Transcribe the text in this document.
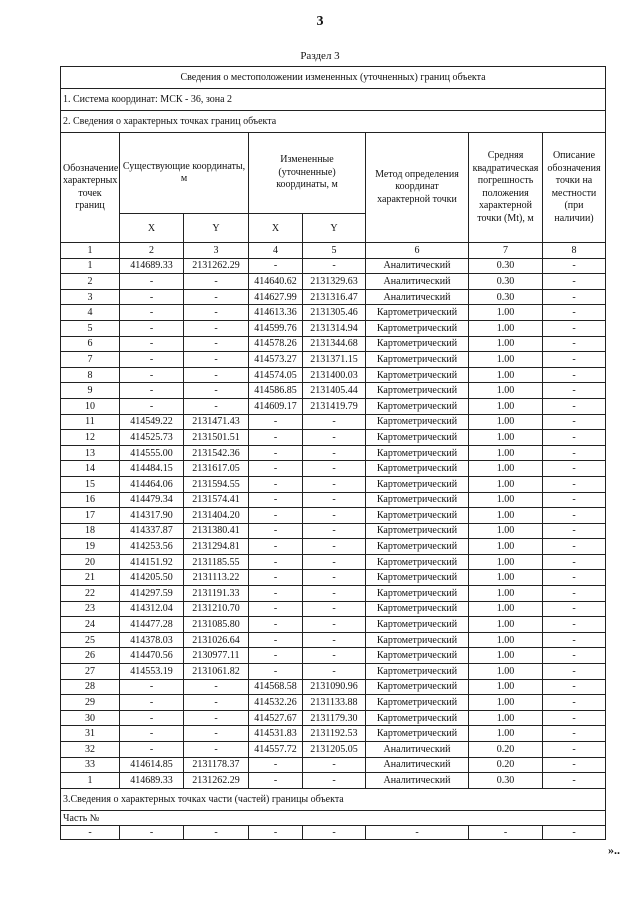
3
Раздел 3
Сведения о местоположении измененных (уточненных) границ объекта							
1. Система координат: МСК - 36, зона 2							
2. Сведения о характерных точках границ объекта							
Обозначение характерных точек границ	Существующие координаты, м		Измененные (уточненные) координаты, м		Метод определения координат характерной точки	Средняя квадратическая погрешность положения характерной точки (Mt), м	Описание обозначения точки на местности (при наличии)
	X	Y	X	Y			
1	2	3	4	5	6	7	8
1	414689.33	2131262.29	-	-	Аналитический	0.30	-
2	-	-	414640.62	2131329.63	Аналитический	0.30	-
3	-	-	414627.99	2131316.47	Аналитический	0.30	-
4	-	-	414613.36	2131305.46	Картометрический	1.00	-
5	-	-	414599.76	2131314.94	Картометрический	1.00	-
6	-	-	414578.26	2131344.68	Картометрический	1.00	-
7	-	-	414573.27	2131371.15	Картометрический	1.00	-
8	-	-	414574.05	2131400.03	Картометрический	1.00	-
9	-	-	414586.85	2131405.44	Картометрический	1.00	-
10	-	-	414609.17	2131419.79	Картометрический	1.00	-
11	414549.22	2131471.43	-	-	Картометрический	1.00	-
12	414525.73	2131501.51	-	-	Картометрический	1.00	-
13	414555.00	2131542.36	-	-	Картометрический	1.00	-
14	414484.15	2131617.05	-	-	Картометрический	1.00	-
15	414464.06	2131594.55	-	-	Картометрический	1.00	-
16	414479.34	2131574.41	-	-	Картометрический	1.00	-
17	414317.90	2131404.20	-	-	Картометрический	1.00	-
18	414337.87	2131380.41	-	-	Картометрический	1.00	-
19	414253.56	2131294.81	-	-	Картометрический	1.00	-
20	414151.92	2131185.55	-	-	Картометрический	1.00	-
21	414205.50	2131113.22	-	-	Картометрический	1.00	-
22	414297.59	2131191.33	-	-	Картометрический	1.00	-
23	414312.04	2131210.70	-	-	Картометрический	1.00	-
24	414477.28	2131085.80	-	-	Картометрический	1.00	-
25	414378.03	2131026.64	-	-	Картометрический	1.00	-
26	414470.56	2130977.11	-	-	Картометрический	1.00	-
27	414553.19	2131061.82	-	-	Картометрический	1.00	-
28	-	-	414568.58	2131090.96	Картометрический	1.00	-
29	-	-	414532.26	2131133.88	Картометрический	1.00	-
30	-	-	414527.67	2131179.30	Картометрический	1.00	-
31	-	-	414531.83	2131192.53	Картометрический	1.00	-
32	-	-	414557.72	2131205.05	Аналитический	0.20	-
33	414614.85	2131178.37	-	-	Аналитический	0.20	-
1	414689.33	2131262.29	-	-	Аналитический	0.30	-
3.Сведения о характерных точках части (частей) границы объекта							
Часть №							
-	-	-	-	-	-	-	-
»..
